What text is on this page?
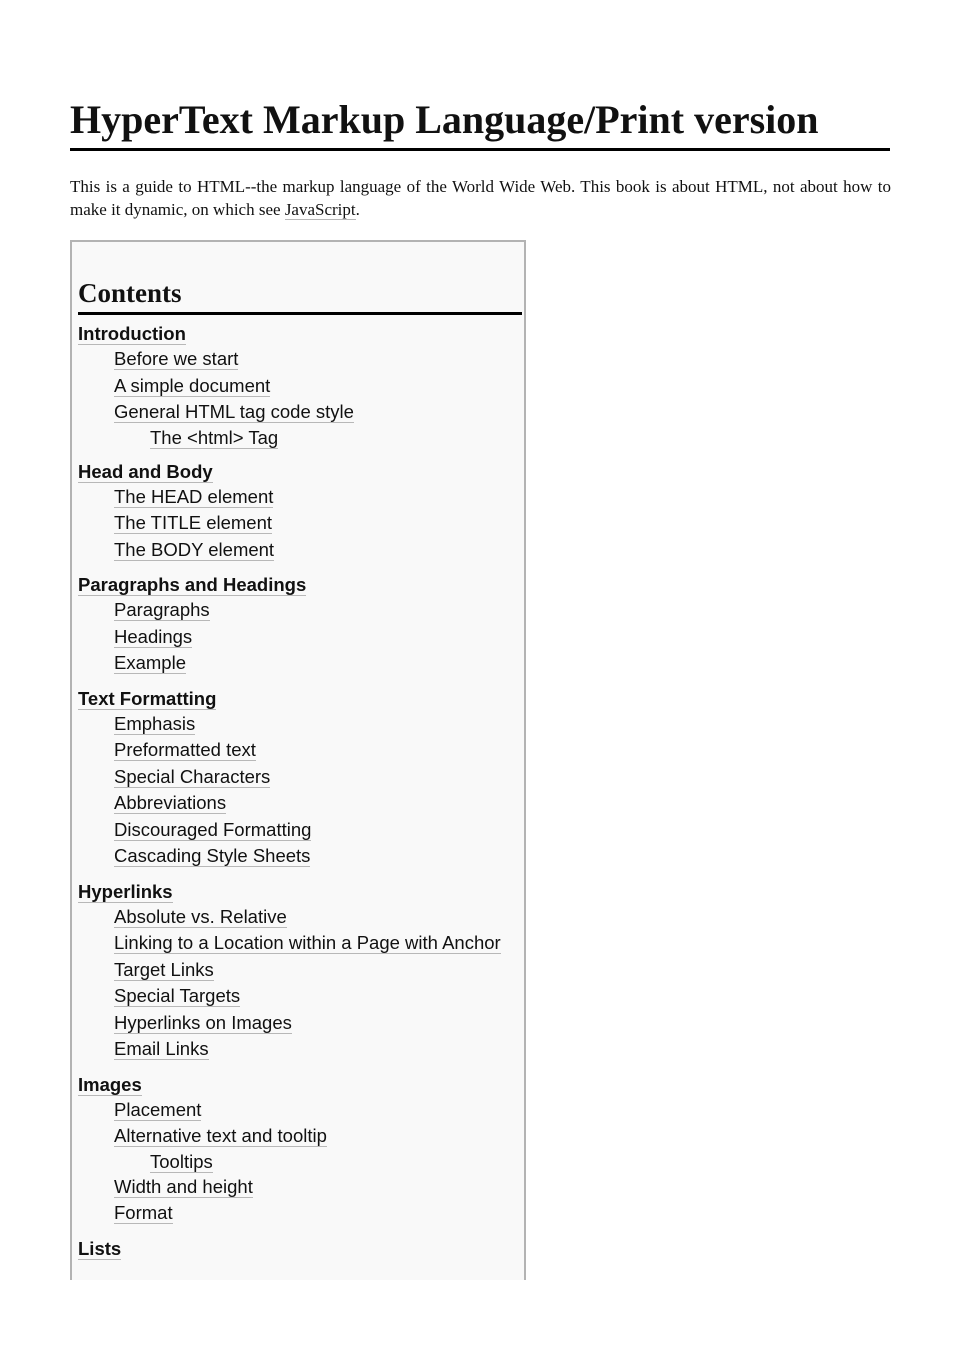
HyperText Markup Language/Print version

This is a guide to HTML--the markup language of the World Wide Web. This book is about HTML, not about how to make it dynamic, on which see JavaScript.

Contents
Introduction
Before we start
A simple document
General HTML tag code style
The <html> Tag
Head and Body
The HEAD element
The TITLE element
The BODY element
Paragraphs and Headings
Paragraphs
Headings
Example
Text Formatting
Emphasis
Preformatted text
Special Characters
Abbreviations
Discouraged Formatting
Cascading Style Sheets
Hyperlinks
Absolute vs. Relative
Linking to a Location within a Page with Anchor
Target Links
Special Targets
Hyperlinks on Images
Email Links
Images
Placement
Alternative text and tooltip
Tooltips
Width and height
Format
Lists
